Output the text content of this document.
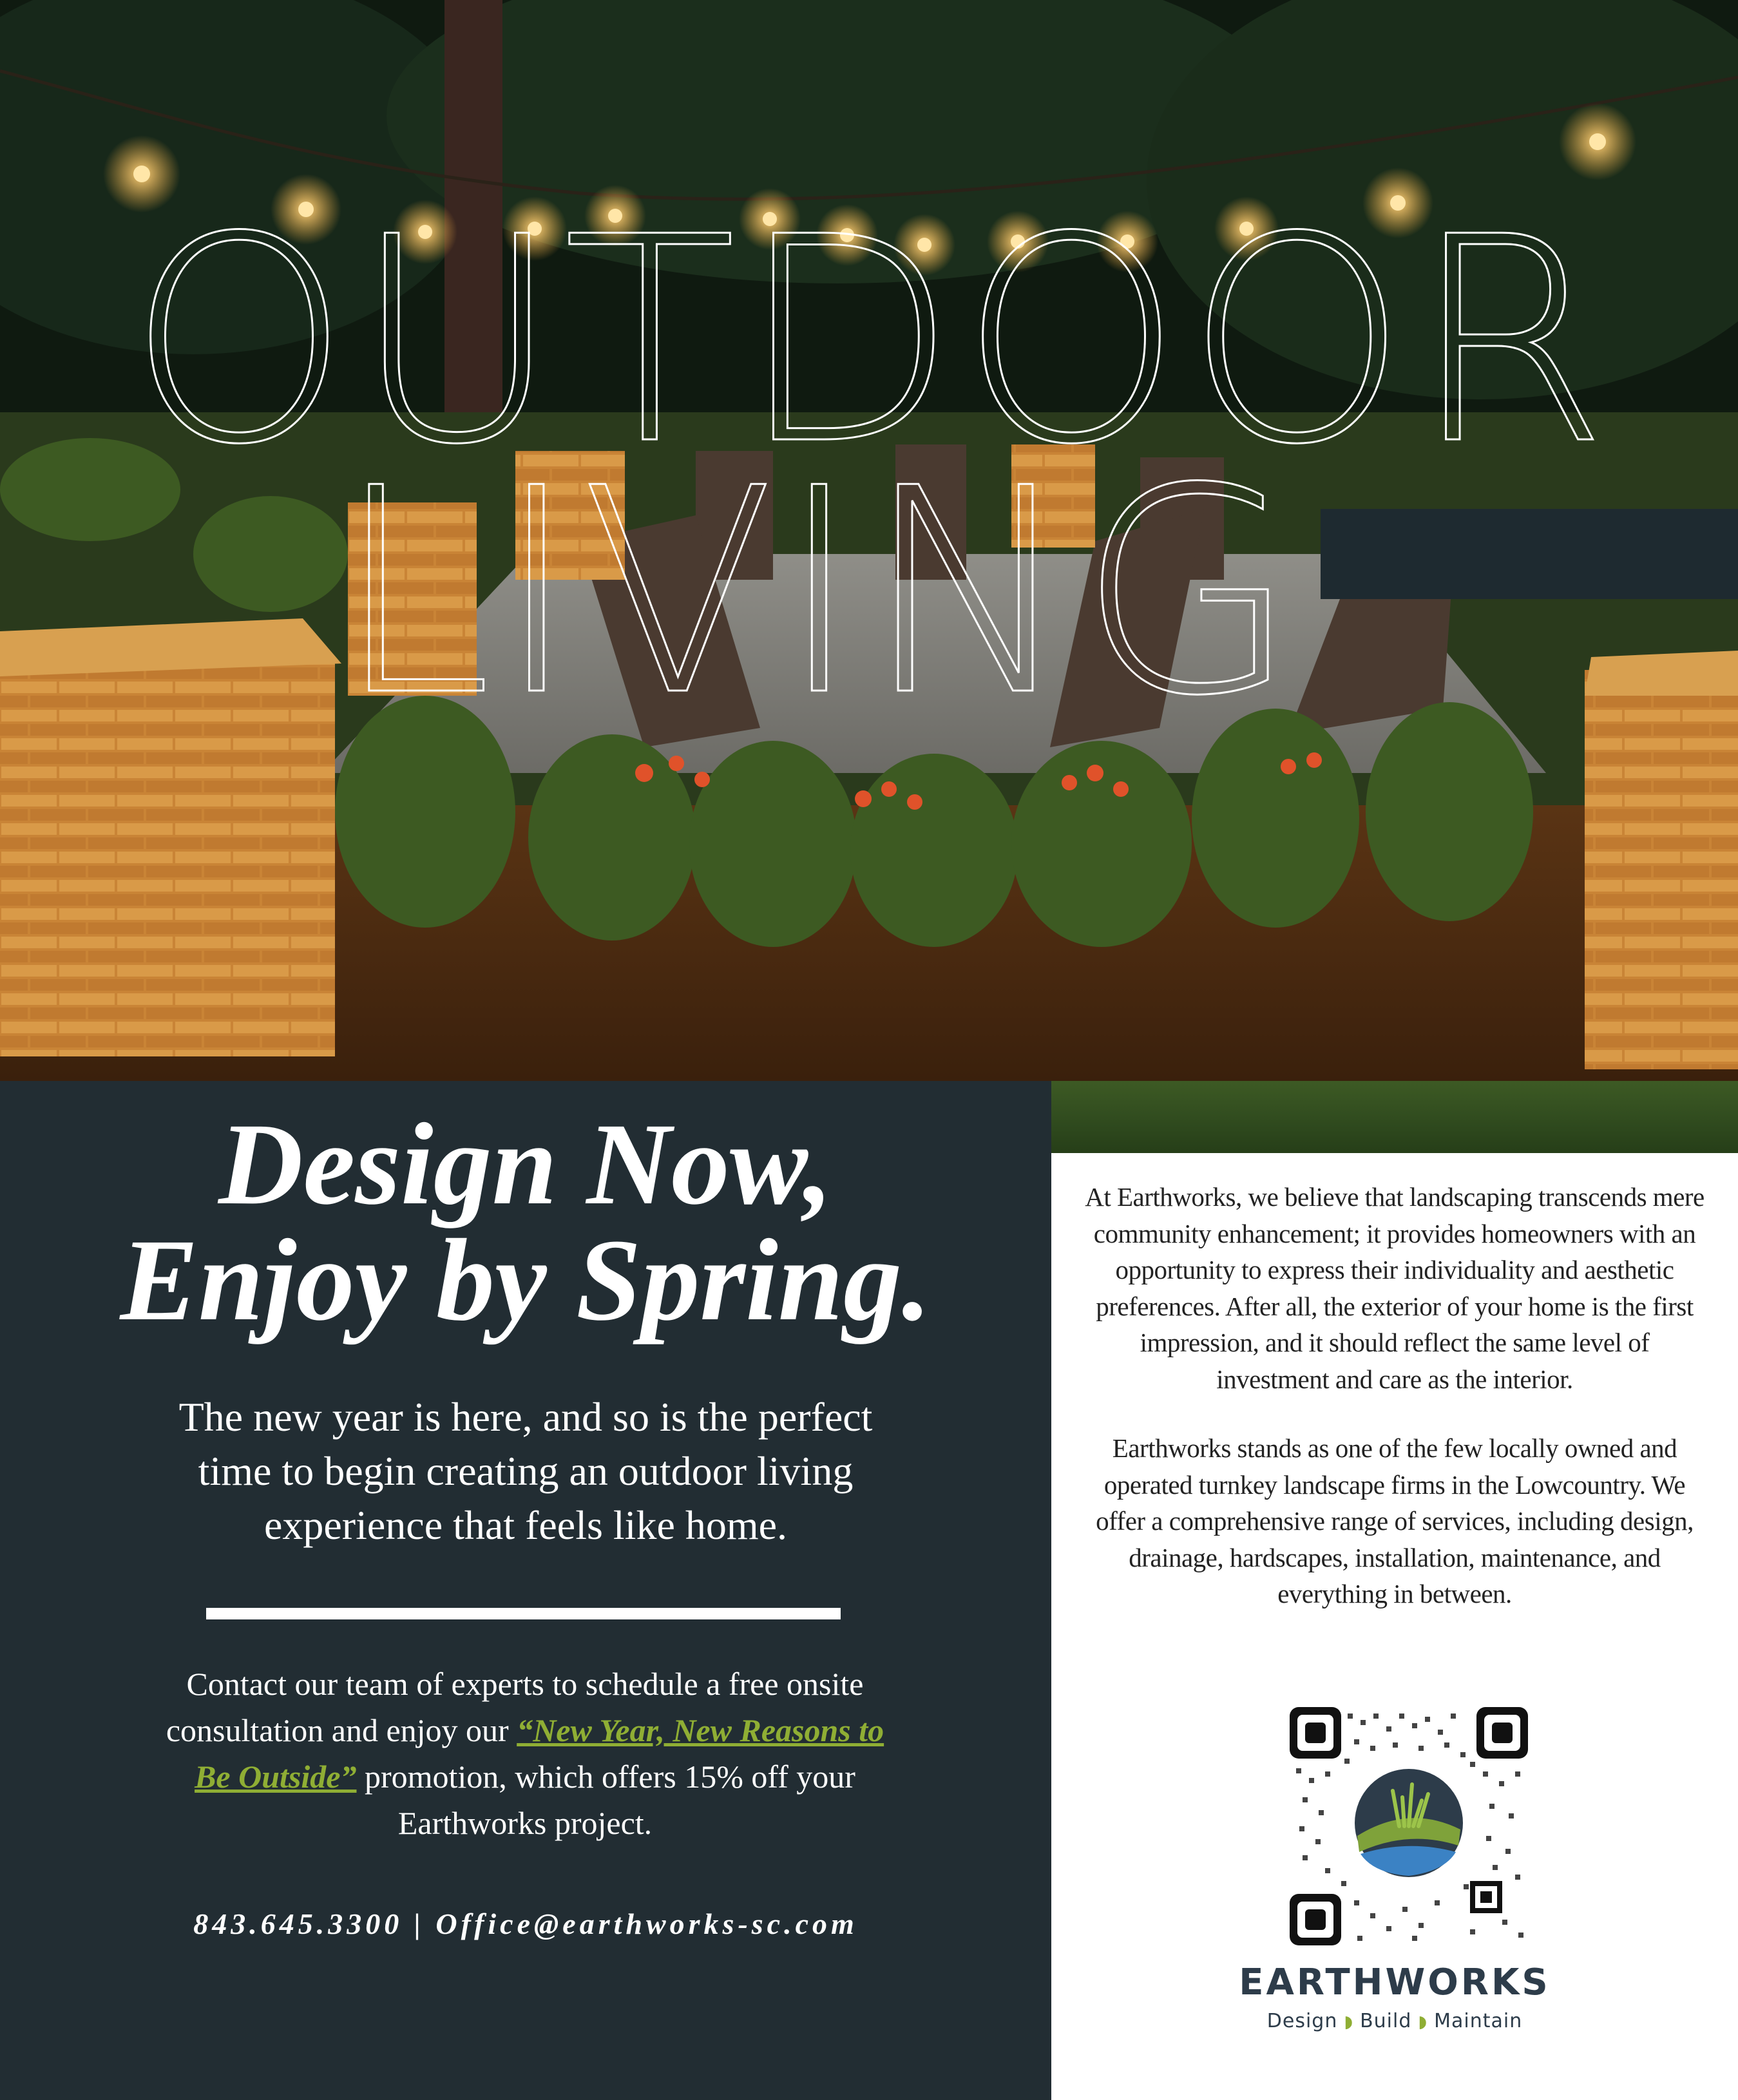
OUTDOOR
LIVING
Design Now,
Enjoy by Spring.

The new year is here, and so is the perfect
time to begin creating an outdoor living
experience that feels like home.

Contact our team of experts to schedule a free onsite consultation and enjoy our “New Year, New Reasons to Be Outside” promotion, which offers 15% off your Earthworks project.

843.645.3300 | Office@earthworks-sc.com

At Earthworks, we believe that landscaping transcends mere community enhancement; it provides homeowners with an opportunity to express their individuality and aesthetic preferences. After all, the exterior of your home is the first impression, and it should reflect the same level of investment and care as the interior.

Earthworks stands as one of the few locally owned and operated turnkey landscape firms in the Lowcountry. We offer a comprehensive range of services, including design, drainage, hardscapes, installation, maintenance, and everything in between.

EARTHWORKS

Design ◗ Build ◗ Maintain
